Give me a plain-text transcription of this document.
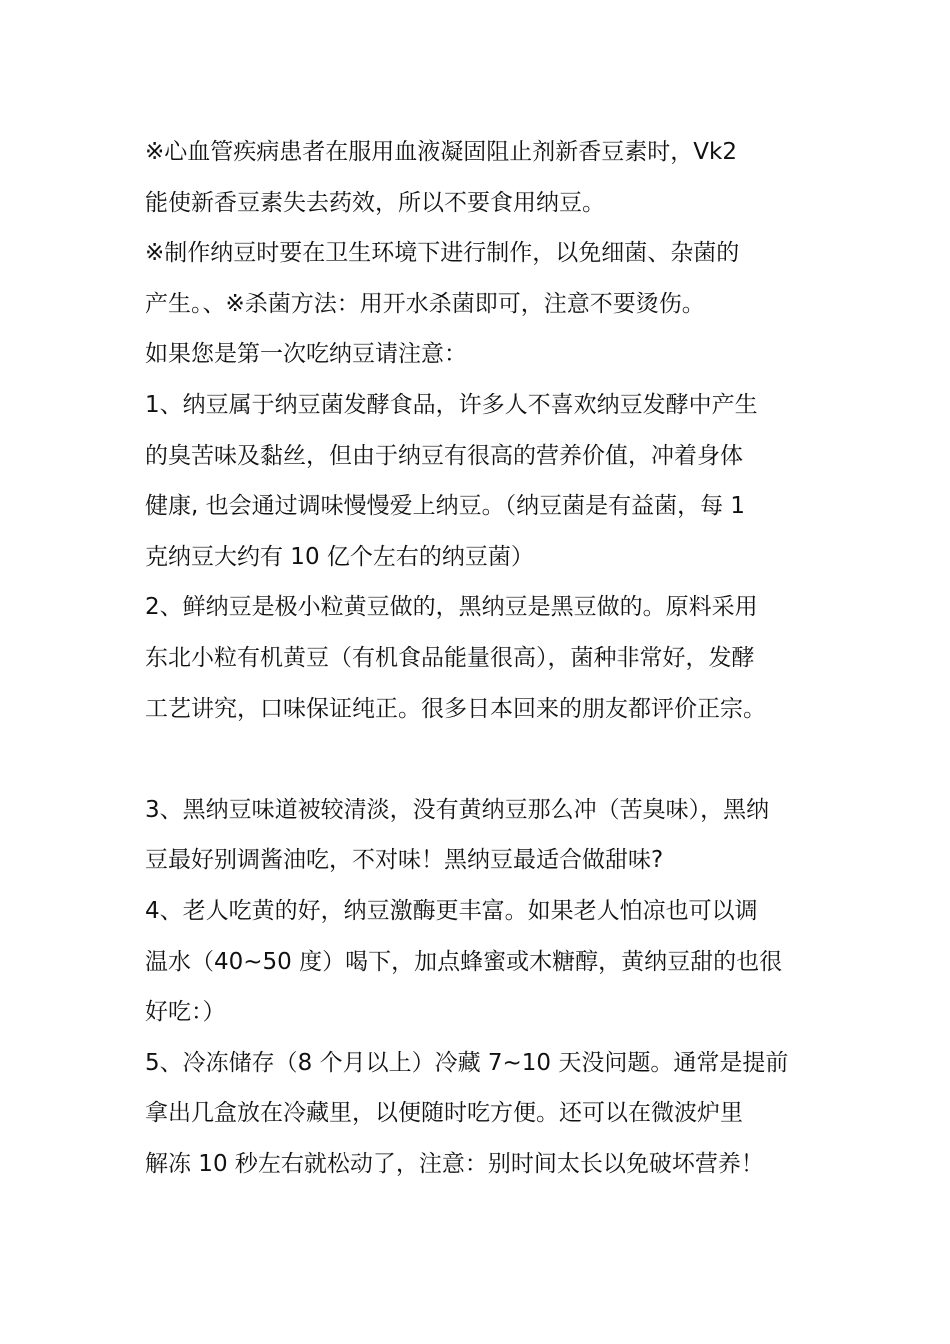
※心血管疾病患者在服用血液凝固阻止剂新香豆素时，Vk2
能使新香豆素失去药效，所以不要食用纳豆。
※制作纳豆时要在卫生环境下进行制作，以免细菌、杂菌的
产生。、※杀菌方法：用开水杀菌即可，注意不要烫伤。
如果您是第一次吃纳豆请注意：
1、纳豆属于纳豆菌发酵食品，许多人不喜欢纳豆发酵中产生
的臭苦味及黏丝，但由于纳豆有很高的营养价值，冲着身体
健康, 也会通过调味慢慢爱上纳豆。（纳豆菌是有益菌，每 1
克纳豆大约有 10 亿个左右的纳豆菌）
2、鲜纳豆是极小粒黄豆做的，黑纳豆是黑豆做的。原料采用
东北小粒有机黄豆（有机食品能量很高），菌种非常好，发酵
工艺讲究，口味保证纯正。很多日本回来的朋友都评价正宗。
3、黑纳豆味道被较清淡，没有黄纳豆那么冲（苦臭味），黑纳
豆最好别调酱油吃，不对味！黑纳豆最适合做甜味?
4、老人吃黄的好，纳豆激酶更丰富。如果老人怕凉也可以调
温水（40~50 度）喝下，加点蜂蜜或木糖醇，黄纳豆甜的也很
好吃：）
5、冷冻储存（8 个月以上）冷藏 7~10 天没问题。通常是提前
拿出几盒放在冷藏里，以便随时吃方便。还可以在微波炉里
解冻 10 秒左右就松动了，注意：别时间太长以免破坏营养！
